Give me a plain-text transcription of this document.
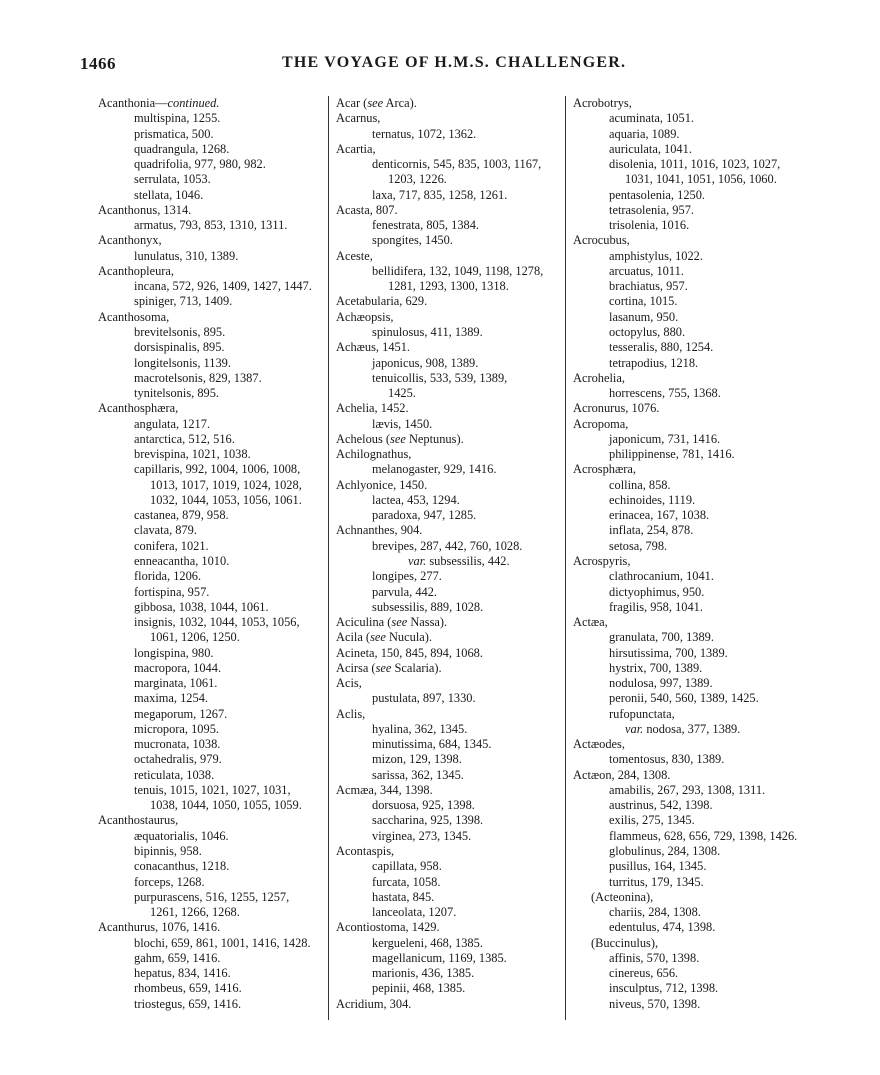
1466	THE VOYAGE OF H.M.S. CHALLENGER.
Acanthonia—continued.
multispina, 1255.
prismatica, 500.
quadrangula, 1268.
quadrifolia, 977, 980, 982.
serrulata, 1053.
stellata, 1046.
Acanthonus, 1314.
armatus, 793, 853, 1310, 1311.
Acanthonyx,
lunulatus, 310, 1389.
Acanthopleura,
incana, 572, 926, 1409, 1427, 1447.
spiniger, 713, 1409.
Acanthosoma,
brevitelsonis, 895.
dorsispinalis, 895.
longitelsonis, 1139.
macrotelsonis, 829, 1387.
tynitelsonis, 895.
Acanthosphæra,
angulata, 1217.
antarctica, 512, 516.
brevispina, 1021, 1038.
capillaris, 992, 1004, 1006, 1008,
1013, 1017, 1019, 1024, 1028,
1032, 1044, 1053, 1056, 1061.
castanea, 879, 958.
clavata, 879.
conifera, 1021.
enneacantha, 1010.
florida, 1206.
fortispina, 957.
gibbosa, 1038, 1044, 1061.
insignis, 1032, 1044, 1053, 1056,
1061, 1206, 1250.
longispina, 980.
macropora, 1044.
marginata, 1061.
maxima, 1254.
megaporum, 1267.
micropora, 1095.
mucronata, 1038.
octahedralis, 979.
reticulata, 1038.
tenuis, 1015, 1021, 1027, 1031,
1038, 1044, 1050, 1055, 1059.
Acanthostaurus,
æquatorialis, 1046.
bipinnis, 958.
conacanthus, 1218.
forceps, 1268.
purpurascens, 516, 1255, 1257,
1261, 1266, 1268.
Acanthurus, 1076, 1416.
blochi, 659, 861, 1001, 1416, 1428.
gahm, 659, 1416.
hepatus, 834, 1416.
rhombeus, 659, 1416.
triostegus, 659, 1416.
Acar (see Arca).
Acarnus,
ternatus, 1072, 1362.
Acartia,
denticornis, 545, 835, 1003, 1167,
1203, 1226.
laxa, 717, 835, 1258, 1261.
Acasta, 807.
fenestrata, 805, 1384.
spongites, 1450.
Aceste,
bellidifera, 132, 1049, 1198, 1278,
1281, 1293, 1300, 1318.
Acetabularia, 629.
Achæopsis,
spinulosus, 411, 1389.
Achæus, 1451.
japonicus, 908, 1389.
tenuicollis, 533, 539, 1389,
1425.
Achelia, 1452.
lævis, 1450.
Achelous (see Neptunus).
Achilognathus,
melanogaster, 929, 1416.
Achlyonice, 1450.
lactea, 453, 1294.
paradoxa, 947, 1285.
Achnanthes, 904.
brevipes, 287, 442, 760, 1028.
var. subsessilis, 442.
longipes, 277.
parvula, 442.
subsessilis, 889, 1028.
Aciculina (see Nassa).
Acila (see Nucula).
Acineta, 150, 845, 894, 1068.
Acirsa (see Scalaria).
Acis,
pustulata, 897, 1330.
Aclis,
hyalina, 362, 1345.
minutissima, 684, 1345.
mizon, 129, 1398.
sarissa, 362, 1345.
Acmæa, 344, 1398.
dorsuosa, 925, 1398.
saccharina, 925, 1398.
virginea, 273, 1345.
Acontaspis,
capillata, 958.
furcata, 1058.
hastata, 845.
lanceolata, 1207.
Acontiostoma, 1429.
kergueleni, 468, 1385.
magellanicum, 1169, 1385.
marionis, 436, 1385.
pepinii, 468, 1385.
Acridium, 304.
Acrobotrys,
acuminata, 1051.
aquaria, 1089.
auriculata, 1041.
disolenia, 1011, 1016, 1023, 1027,
1031, 1041, 1051, 1056, 1060.
pentasolenia, 1250.
tetrasolenia, 957.
trisolenia, 1016.
Acrocubus,
amphistylus, 1022.
arcuatus, 1011.
brachiatus, 957.
cortina, 1015.
lasanum, 950.
octopylus, 880.
tesseralis, 880, 1254.
tetrapodius, 1218.
Acrohelia,
horrescens, 755, 1368.
Acronurus, 1076.
Acropoma,
japonicum, 731, 1416.
philippinense, 781, 1416.
Acrosphæra,
collina, 858.
echinoides, 1119.
erinacea, 167, 1038.
inflata, 254, 878.
setosa, 798.
Acrospyris,
clathrocanium, 1041.
dictyophimus, 950.
fragilis, 958, 1041.
Actæa,
granulata, 700, 1389.
hirsutissima, 700, 1389.
hystrix, 700, 1389.
nodulosa, 997, 1389.
peronii, 540, 560, 1389, 1425.
rufopunctata,
var. nodosa, 377, 1389.
Actæodes,
tomentosus, 830, 1389.
Actæon, 284, 1308.
amabilis, 267, 293, 1308, 1311.
austrinus, 542, 1398.
exilis, 275, 1345.
flammeus, 628, 656, 729, 1398, 1426.
globulinus, 284, 1308.
pusillus, 164, 1345.
turritus, 179, 1345.
(Acteonina),
chariis, 284, 1308.
edentulus, 474, 1398.
(Buccinulus),
affinis, 570, 1398.
cinereus, 656.
insculptus, 712, 1398.
niveus, 570, 1398.
